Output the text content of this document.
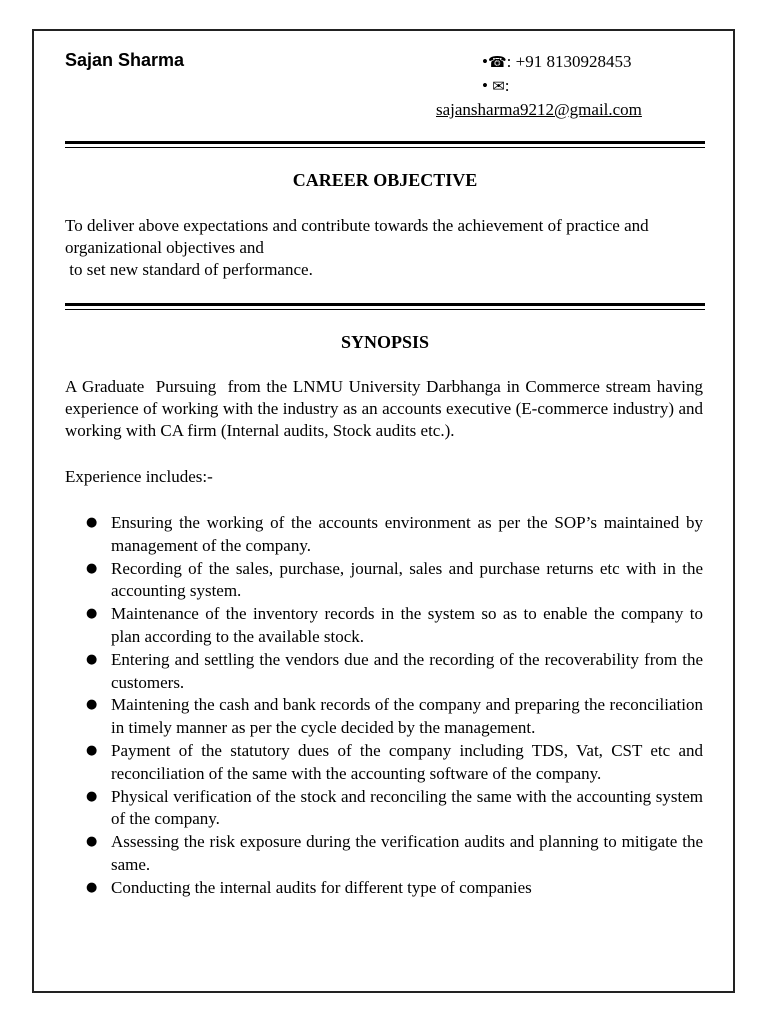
Sajan Sharma	•☎: +91 8130928453
• ✉:
sajansharma9212@gmail.com
CAREER OBJECTIVE
To deliver above expectations and contribute towards the achievement of practice and
organizational objectives and
to set new standard of performance.
SYNOPSIS

A Graduate  Pursuing  from the LNMU University Darbhanga in Commerce stream having experience of working with the industry as an accounts executive (E-commerce industry) and working with CA firm (Internal audits, Stock audits etc.).

Experience includes:-

● Ensuring the working of the accounts environment as per the SOP’s maintained by management of the company.
● Recording of the sales, purchase, journal, sales and purchase returns etc with in the accounting system.
● Maintenance of the inventory records in the system so as to enable the company to plan according to the available stock.
● Entering and settling the vendors due and the recording of the recoverability from the customers.
● Maintening the cash and bank records of the company and preparing the reconciliation in timely manner as per the cycle decided by the management.
● Payment of the statutory dues of the company including TDS, Vat, CST etc and reconciliation of the same with the accounting software of the company.
● Physical verification of the stock and reconciling the same with the accounting system of the company.
● Assessing the risk exposure during the verification audits and planning to mitigate the same.
● Conducting the internal audits for different type of companies
